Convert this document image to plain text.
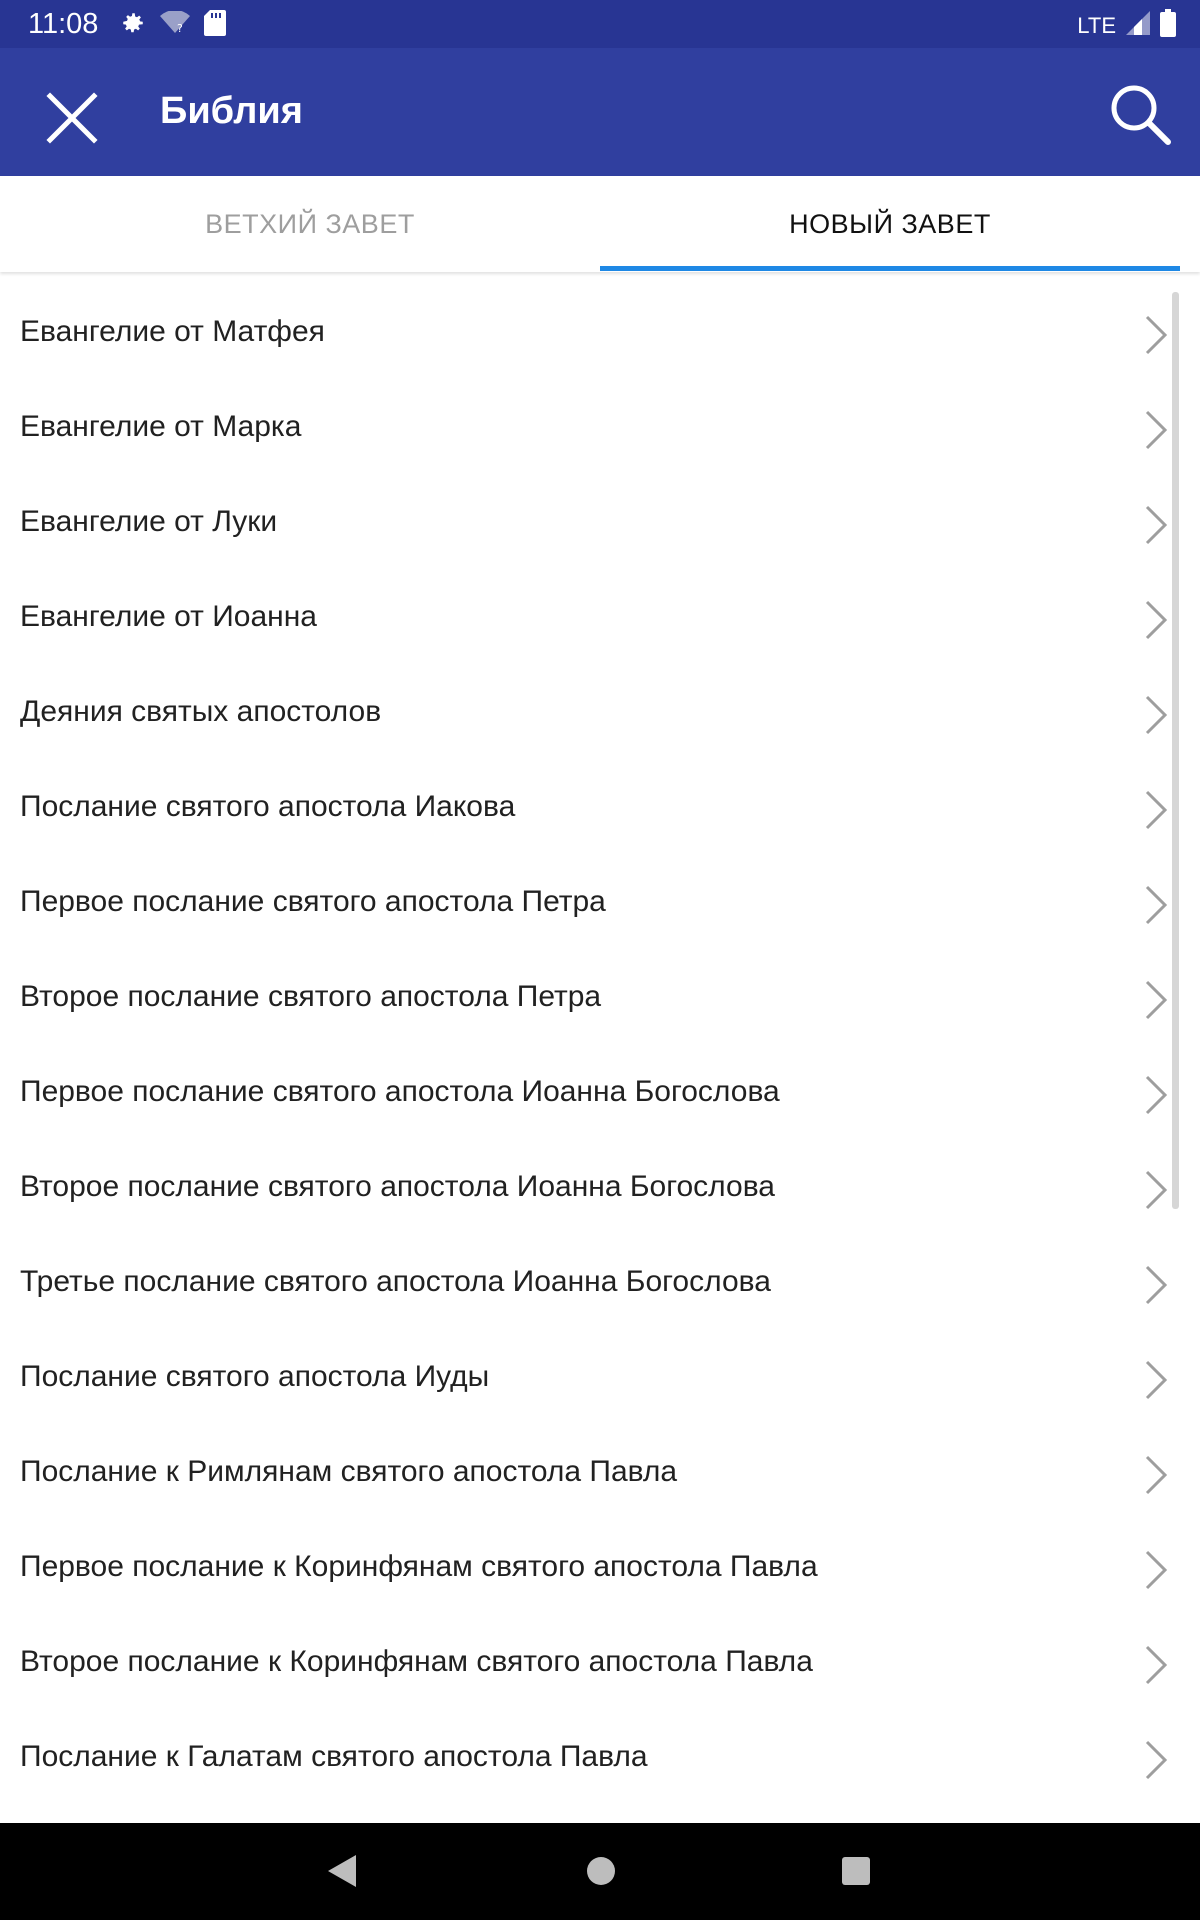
11:08	?	LTE
Библия
ВЕТХИЙ ЗАВЕТ	НОВЫЙ ЗАВЕТ
Евангелие от Матфея
Евангелие от Марка
Евангелие от Луки
Евангелие от Иоанна
Деяния святых апостолов
Послание святого апостола Иакова
Первое послание святого апостола Петра
Второе послание святого апостола Петра
Первое послание святого апостола Иоанна Богослова
Второе послание святого апостола Иоанна Богослова
Третье послание святого апостола Иоанна Богослова
Послание святого апостола Иуды
Послание к Римлянам святого апостола Павла
Первое послание к Коринфянам святого апостола Павла
Второе послание к Коринфянам святого апостола Павла
Послание к Галатам святого апостола Павла
